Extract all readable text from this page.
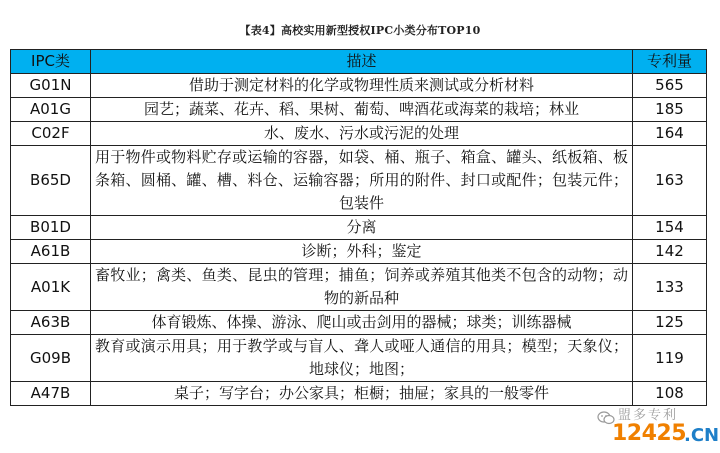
【表4】高校实用新型授权IPC小类分布TOP10
IPC类	描述	专利量
G01N	借助于测定材料的化学或物理性质来测试或分析材料	565
A01G	园艺；蔬菜、花卉、稻、果树、葡萄、啤酒花或海菜的栽培；林业	185
C02F	水、废水、污水或污泥的处理	164
B65D	用于物件或物料贮存或运输的容器，如袋、桶、瓶子、箱盒、罐头、纸板箱、板条箱、圆桶、罐、槽、料仓、运输容器；所用的附件、封口或配件；包装元件；包装件	163
B01D	分离	154
A61B	诊断；外科；鉴定	142
A01K	畜牧业；禽类、鱼类、昆虫的管理；捕鱼；饲养或养殖其他类不包含的动物；动物的新品种	133
A63B	体育锻炼、体操、游泳、爬山或击剑用的器械；球类；训练器械	125
G09B	教育或演示用具；用于教学或与盲人、聋人或哑人通信的用具；模型；天象仪；地球仪；地图；	119
A47B	桌子；写字台；办公家具；柜橱；抽屉；家具的一般零件	108
盟多专利
12425
.CN
